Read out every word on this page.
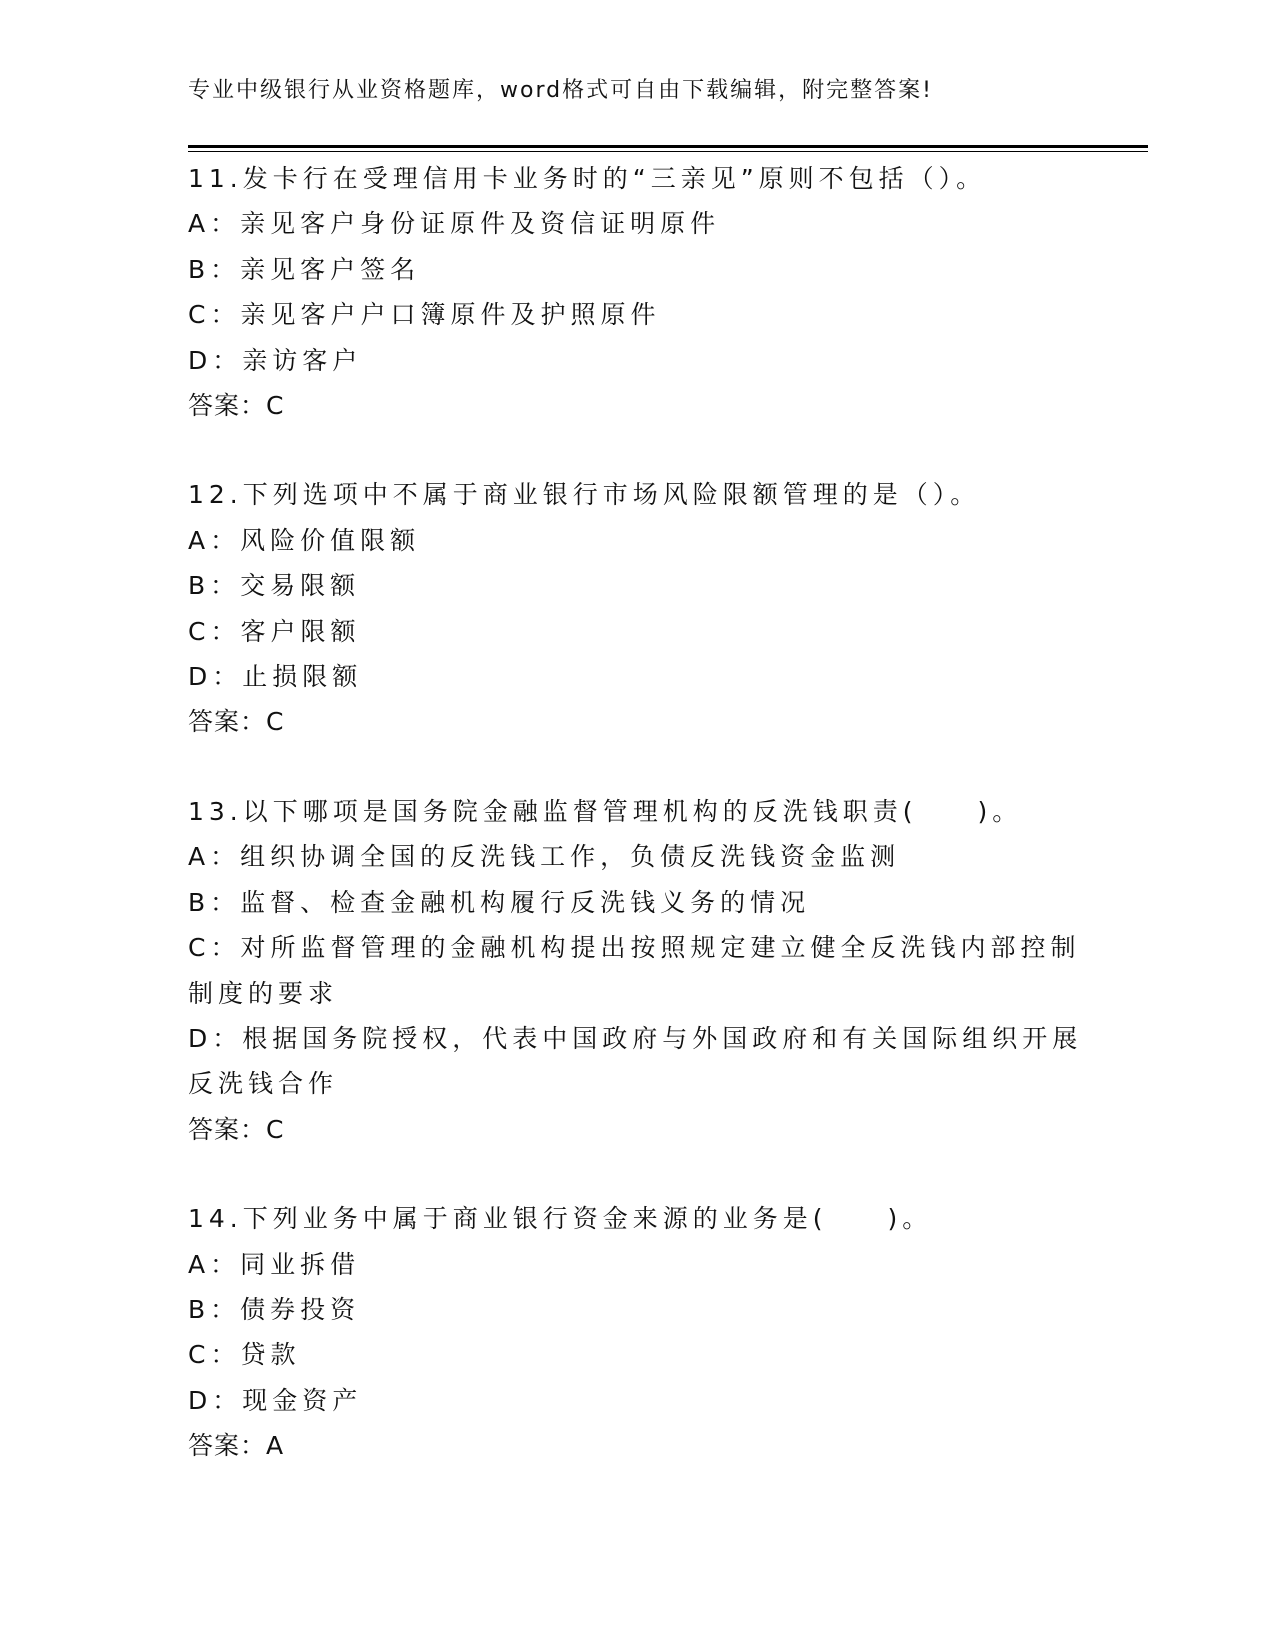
专业中级银行从业资格题库，word格式可自由下载编辑，附完整答案!
11.发卡行在受理信用卡业务时的“三亲见”原则不包括（）。
A：亲见客户身份证原件及资信证明原件
B：亲见客户签名
C：亲见客户户口簿原件及护照原件
D：亲访客户
答案：C
12.下列选项中不属于商业银行市场风险限额管理的是（）。
A：风险价值限额
B：交易限额
C：客户限额
D：止损限额
答案：C
13.以下哪项是国务院金融监督管理机构的反洗钱职责(　　)。
A：组织协调全国的反洗钱工作，负债反洗钱资金监测
B：监督、检查金融机构履行反洗钱义务的情况
C：对所监督管理的金融机构提出按照规定建立健全反洗钱内部控制制度的要求
D：根据国务院授权，代表中国政府与外国政府和有关国际组织开展反洗钱合作
答案：C
14.下列业务中属于商业银行资金来源的业务是(　　)。
A：同业拆借
B：债券投资
C：贷款
D：现金资产
答案：A
